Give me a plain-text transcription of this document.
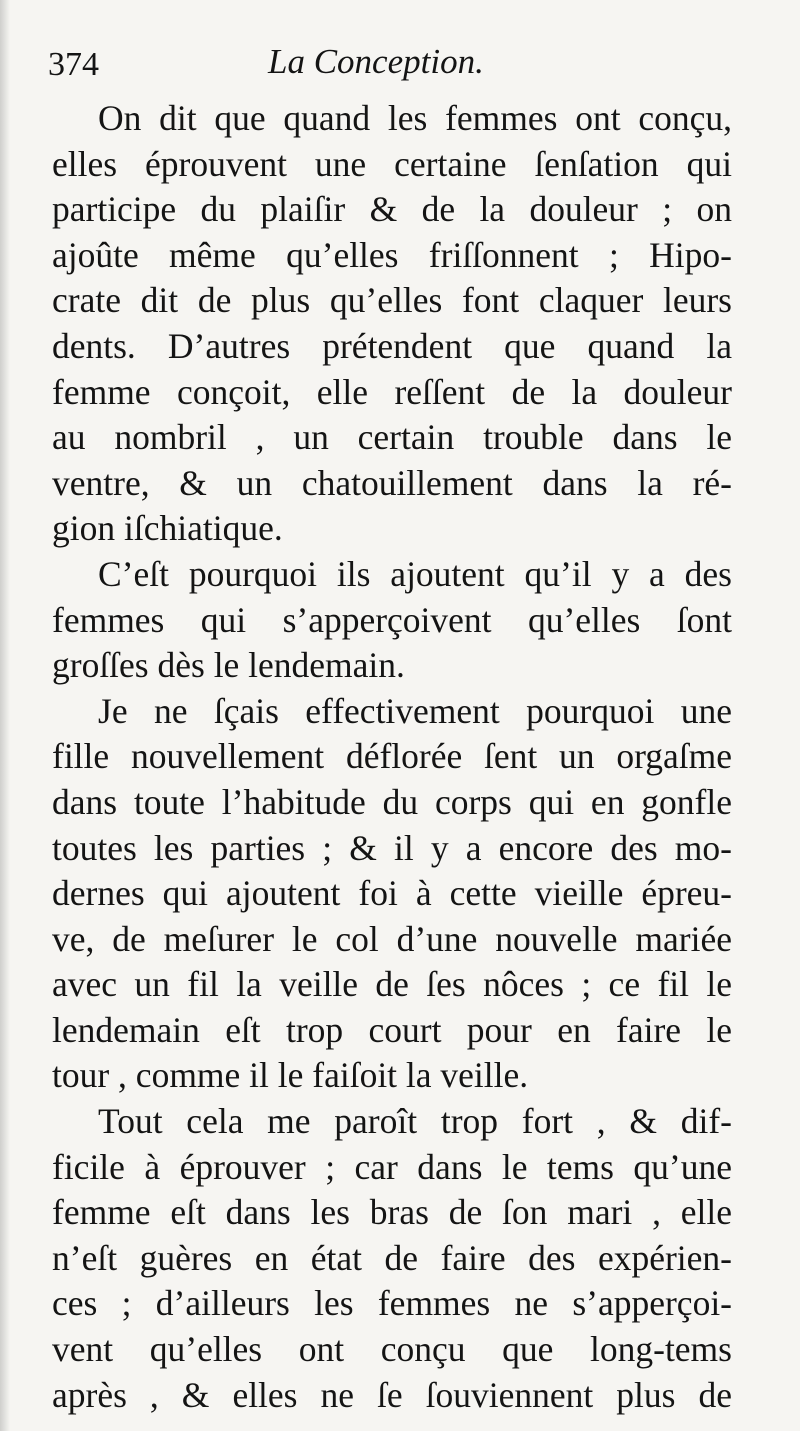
374	La Conception.
On dit que quand les femmes ont conçu,
elles éprouvent une certaine ſenſation qui
participe du plaiſir & de la douleur ; on
ajoûte même qu’elles friſſonnent ; Hipo-
crate dit de plus qu’elles font claquer leurs
dents. D’autres prétendent que quand la
femme conçoit, elle reſſent de la douleur
au nombril , un certain trouble dans le
ventre, & un chatouillement dans la ré-
gion iſchiatique.
C’eſt pourquoi ils ajoutent qu’il y a des
femmes qui s’apperçoivent qu’elles ſont
groſſes dès le lendemain.
Je ne ſçais effectivement pourquoi une
fille nouvellement déflorée ſent un orgaſme
dans toute l’habitude du corps qui en gonfle
toutes les parties ; & il y a encore des mo-
dernes qui ajoutent foi à cette vieille épreu-
ve, de meſurer le col d’une nouvelle mariée
avec un fil la veille de ſes nôces ; ce fil le
lendemain eſt trop court pour en faire le
tour , comme il le faiſoit la veille.
Tout cela me paroît trop fort , & dif-
ficile à éprouver ; car dans le tems qu’une
femme eſt dans les bras de ſon mari , elle
n’eſt guères en état de faire des expérien-
ces ; d’ailleurs les femmes ne s’apperçoi-
vent qu’elles ont conçu que long-tems
après , & elles ne ſe ſouviennent plus de
